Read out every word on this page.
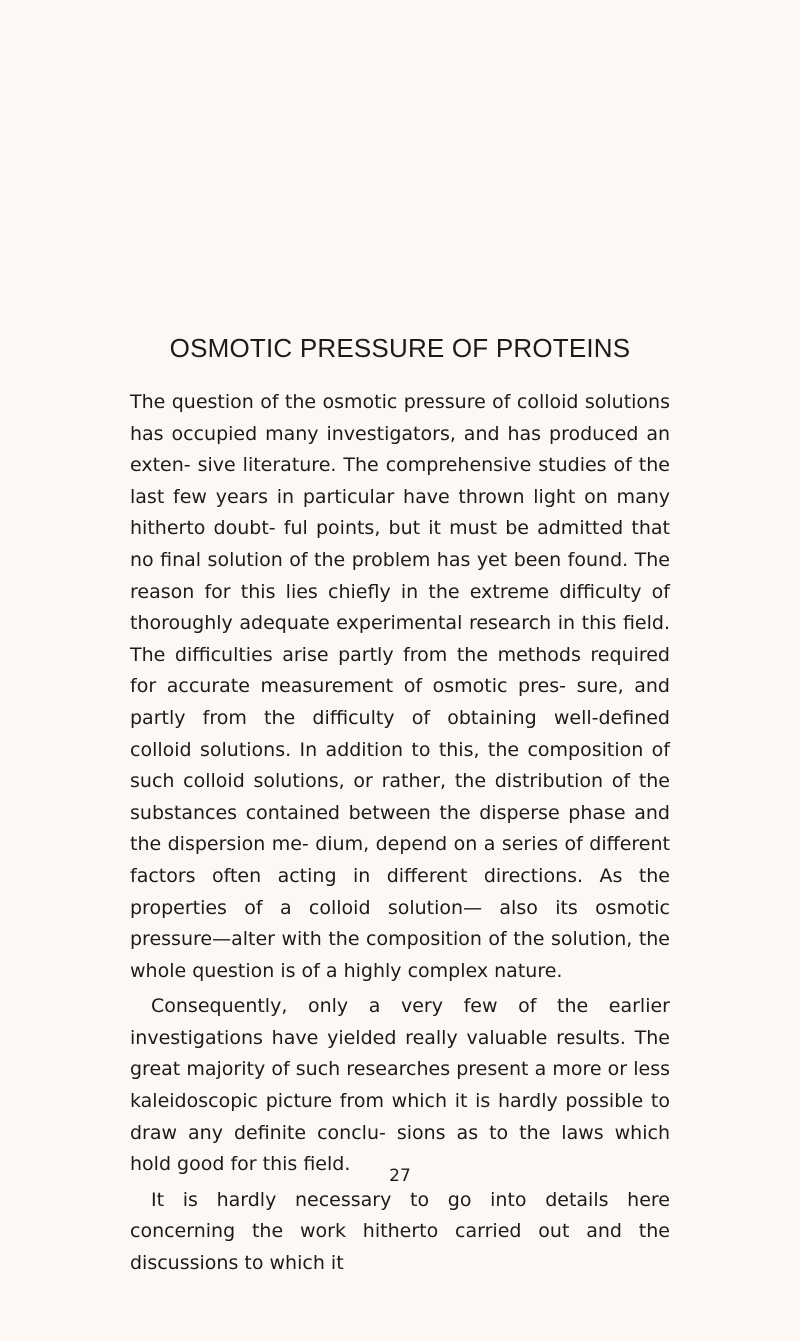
OSMOTIC PRESSURE OF PROTEINS

The question of the osmotic pressure of colloid solutions has occupied many investigators, and has produced an exten- sive literature. The comprehensive studies of the last few years in particular have thrown light on many hitherto doubt- ful points, but it must be admitted that no final solution of the problem has yet been found. The reason for this lies chiefly in the extreme difficulty of thoroughly adequate experimental research in this field. The difficulties arise partly from the methods required for accurate measurement of osmotic pres- sure, and partly from the difficulty of obtaining well-defined colloid solutions. In addition to this, the composition of such colloid solutions, or rather, the distribution of the substances contained between the disperse phase and the dispersion me- dium, depend on a series of different factors often acting in different directions. As the properties of a colloid solution— also its osmotic pressure—alter with the composition of the solution, the whole question is of a highly complex nature.

Consequently, only a very few of the earlier investigations have yielded really valuable results. The great majority of such researches present a more or less kaleidoscopic picture from which it is hardly possible to draw any definite conclu- sions as to the laws which hold good for this field.

It is hardly necessary to go into details here concerning the work hitherto carried out and the discussions to which it

27
